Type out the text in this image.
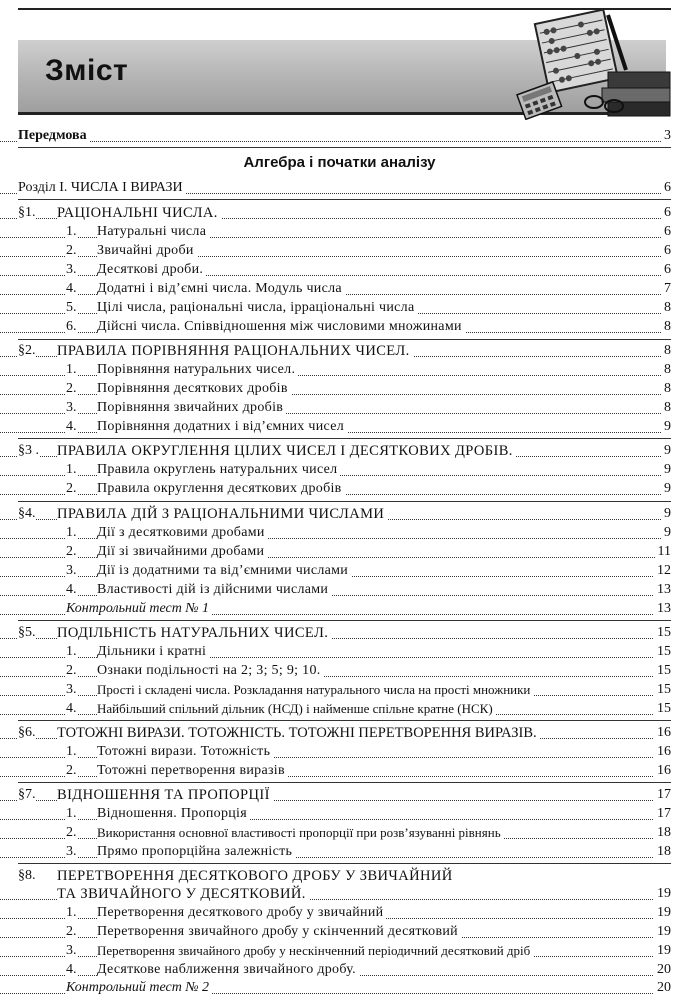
Зміст
Передмова	3
Алгебра і початки аналізу
Розділ I. ЧИСЛА І ВИРАЗИ	6
§1. РАЦІОНАЛЬНІ ЧИСЛА.	6
1. Натуральні числа	6
2. Звичайні дроби	6
3. Десяткові дроби.	6
4. Додатні і від’ємні числа. Модуль числа	7
5. Цілі числа, раціональні числа, ірраціональні числа	8
6. Дійсні числа. Співвідношення між числовими множинами	8
§2. ПРАВИЛА ПОРІВНЯННЯ РАЦІОНАЛЬНИХ ЧИСЕЛ.	8
1. Порівняння натуральних чисел.	8
2. Порівняння десяткових дробів	8
3. Порівняння звичайних дробів	8
4. Порівняння додатних і від’ємних чисел	9
§3 . ПРАВИЛА ОКРУГЛЕННЯ ЦІЛИХ ЧИСЕЛ І ДЕСЯТКОВИХ ДРОБІВ.	9
1. Правила округлень натуральних чисел	9
2. Правила округлення десяткових дробів	9
§4. ПРАВИЛА ДІЙ З РАЦІОНАЛЬНИМИ ЧИСЛАМИ	9
1. Дії з десятковими дробами	9
2. Дії зі звичайними дробами	11
3. Дії із додатними та від’ємними числами	12
4. Властивості дій із дійсними числами	13
Контрольний тест № 1	13
§5. ПОДІЛЬНІСТЬ НАТУРАЛЬНИХ ЧИСЕЛ.	15
1. Дільники і кратні	15
2. Ознаки подільності на 2; 3; 5; 9; 10.	15
3. Прості і складені числа. Розкладання натурального числа на прості множники	15
4. Найбільший спільний дільник (НСД) і найменше спільне кратне (НСК)	15
§6. ТОТОЖНІ ВИРАЗИ. ТОТОЖНІСТЬ. ТОТОЖНІ ПЕРЕТВОРЕННЯ ВИРАЗІВ.	16
1. Тотожні вирази. Тотожність	16
2. Тотожні перетворення виразів	16
§7. ВІДНОШЕННЯ ТА ПРОПОРЦІЇ	17
1. Відношення. Пропорція	17
2. Використання основної властивості пропорції при розв’язуванні рівнянь	18
3. Прямо пропорційна залежність	18
§8. ПЕРЕТВОРЕННЯ ДЕСЯТКОВОГО ДРОБУ У ЗВИЧАЙНИЙ
ТА ЗВИЧАЙНОГО У ДЕСЯТКОВИЙ.	19
1. Перетворення десяткового дробу у звичайний	19
2. Перетворення звичайного дробу у скінченний десятковий	19
3. Перетворення звичайного дробу у нескінченний періодичний десятковий дріб	19
4. Десяткове наближення звичайного дробу.	20
Контрольний тест № 2	20
